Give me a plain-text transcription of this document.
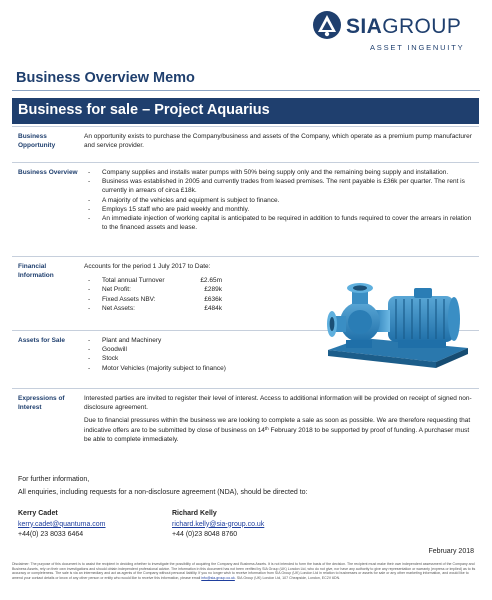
SIAGROUP
ASSET INGENUITY
Business Overview Memo
Business for sale – Project Aquarius
Business Opportunity

An opportunity exists to purchase the Company/business and assets of the Company, which operate as a premium pump manufacturer and service provider.

Business Overview	- Company supplies and installs water pumps with 50% being supply only and the remaining being supply and installation.
- Business was established in 2005 and currently trades from leased premises. The rent payable is £36k per quarter. The rent is currently in arrears of circa £18k.
- A majority of the vehicles and equipment is subject to finance.
- Employs 15 staff who are paid weekly and monthly.
- An immediate injection of working capital is anticipated to be required in addition to funds required to cover the arrears in relation to the financed assets and lease.
Financial Information

Accounts for the period 1 July 2017 to Date:

- Total annual Turnover	£2.65m
- Net Profit:	£289k
- Fixed Assets NBV:	£636k
- Net Assets:	£484k
Assets for Sale	- Plant and Machinery
- Goodwill
- Stock
- Motor Vehicles (majority subject to finance)
Expressions of Interest

Interested parties are invited to register their level of interest. Access to additional information will be provided on receipt of signed non-disclosure agreement.

Due to financial pressures within the business we are looking to complete a sale as soon as possible. We are therefore requesting that indicative offers are to be submitted by close of business on 14th February 2018 to be supported by proof of funding. A purchaser must be able to complete immediately.

For further information,
All enquiries, including requests for a non-disclosure agreement (NDA), should be directed to:
Kerry Cadet
kerry.cadet@quantuma.com
+44(0) 23 8033 6464
Richard Kelly
richard.kelly@sia-group.co.uk
+44 (0)23 8048 8760
February 2018
Disclaimer: The purpose of this document is to assist the recipient in deciding whether to investigate the possibility of acquiring the Company and Business Assets. It is not intended to form the basis of the decision. The recipient must make their own independent assessment of the Company and Business Assets, rely on their own investigations and should obtain independent professional advice. The information in this document has not been verified by SIA Group (UK) London Ltd, who do not give, nor have any authority to give any representation or warranty (express or implied) as to its accuracy or completeness. The sale is via an intermediary and act as agents of the Company without personal liability. If you no longer wish to receive information from SIA Group (UK) London Ltd in relation to businesses or assets for sale or any other marketing information, and would like to amend your contact details or know of any other person or entity who would like to receive this information, please email info@sia-group.co.uk. SIA Group (UK) London Ltd, 107 Cheapside, London, EC2V 6DN.
